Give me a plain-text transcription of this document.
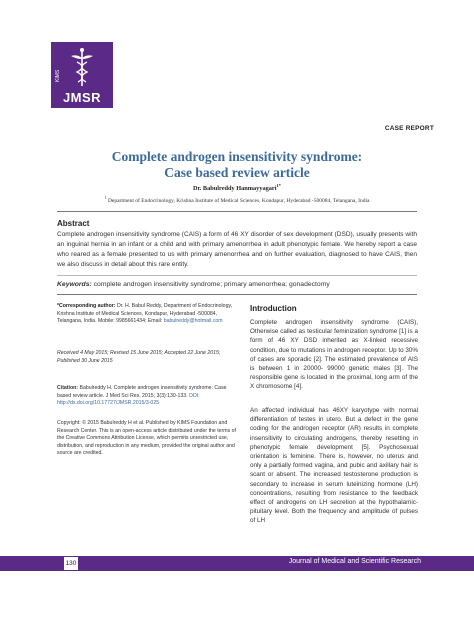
KIMS
JMSR
CASE REPORT
Complete androgen insensitivity syndrome:
Case based review article
Dr. Babulreddy Hanmayyagari$^{1*}$
$^1$ Department of Endocrinology, Krishna Institute of Medical Sciences, Kondapur, Hyderabad -500084, Telangana, India
Abstract
Complete androgen insensitivity syndrome (CAIS) a form of 46 XY disorder of sex development (DSD), usually presents with an inguinal hernia in an infant or a child and with primary amenorrhea in adult phenotypic female. We hereby report a case who reared as a female presented to us with primary amenorrhea and on further evaluation, diagnosed to have CAIS, then we also discuss in detail about this rare entity.
Keywords: complete androgen insensitivity syndrome; primary amenorrhea; gonadectomy
*Corresponding author: Dr. H. Babul Reddy, Department of Endocrinology, Krishna Institute of Medical Sciences, Kondapur, Hyderabad -500084, Telangana, India. Mobile: 9985661434; Email: babulreddy@hotmail.com
Received 4 May 2015; Revised 15 June 2015; Accepted 22 June 2015; Published 30 June 2015
Citation: Babulreddy H. Complete androgen insensitivity syndrome: Case based review article. J Med Sci Res. 2015; 3(3):130-133. DOI: http://dx.doi.org/10.17727/JMSR.2015/3-025
Copyright: © 2015 Babulreddy H et al. Published by KIMS Foundation and Research Center. This is an open-access article distributed under the terms of the Creative Commons Attribution License, which permits unrestricted use, distribution, and reproduction in any medium, provided the original author and source are credited.
Introduction
Complete androgen insensitivity syndrome (CAIS), Otherwise called as testicular feminization syndrome [1] is a form of 46 XY DSD inherited as X-linked recessive condition, due to mutations in androgen receptor. Up to 30% of cases are sporadic [2]. The estimated prevalence of AIS is between 1 in 20000- 99000 genetic males [3]. The responsible gene is located in the proximal, long arm of the X chromosome [4].
An affected individual has 46XY karyotype with normal differentiation of testes in utero. But a defect in the gene coding for the androgen receptor (AR) results in complete insensitivity to circulating androgens, thereby resetting in phenotypic female development [5]. Psychosexual orientation is feminine. There is, however, no uterus and only a partially formed vagina, and pubic and axillary hair is scant or absent. The increased testosterone production is secondary to increase in serum luteinizing hormone (LH) concentrations, resulting from resistance to the feedback effect of androgens on LH secretion at the hypothalamic-pituitary level. Both the frequency and amplitude of pulses of LH
130	Journal of Medical and Scientific Research
